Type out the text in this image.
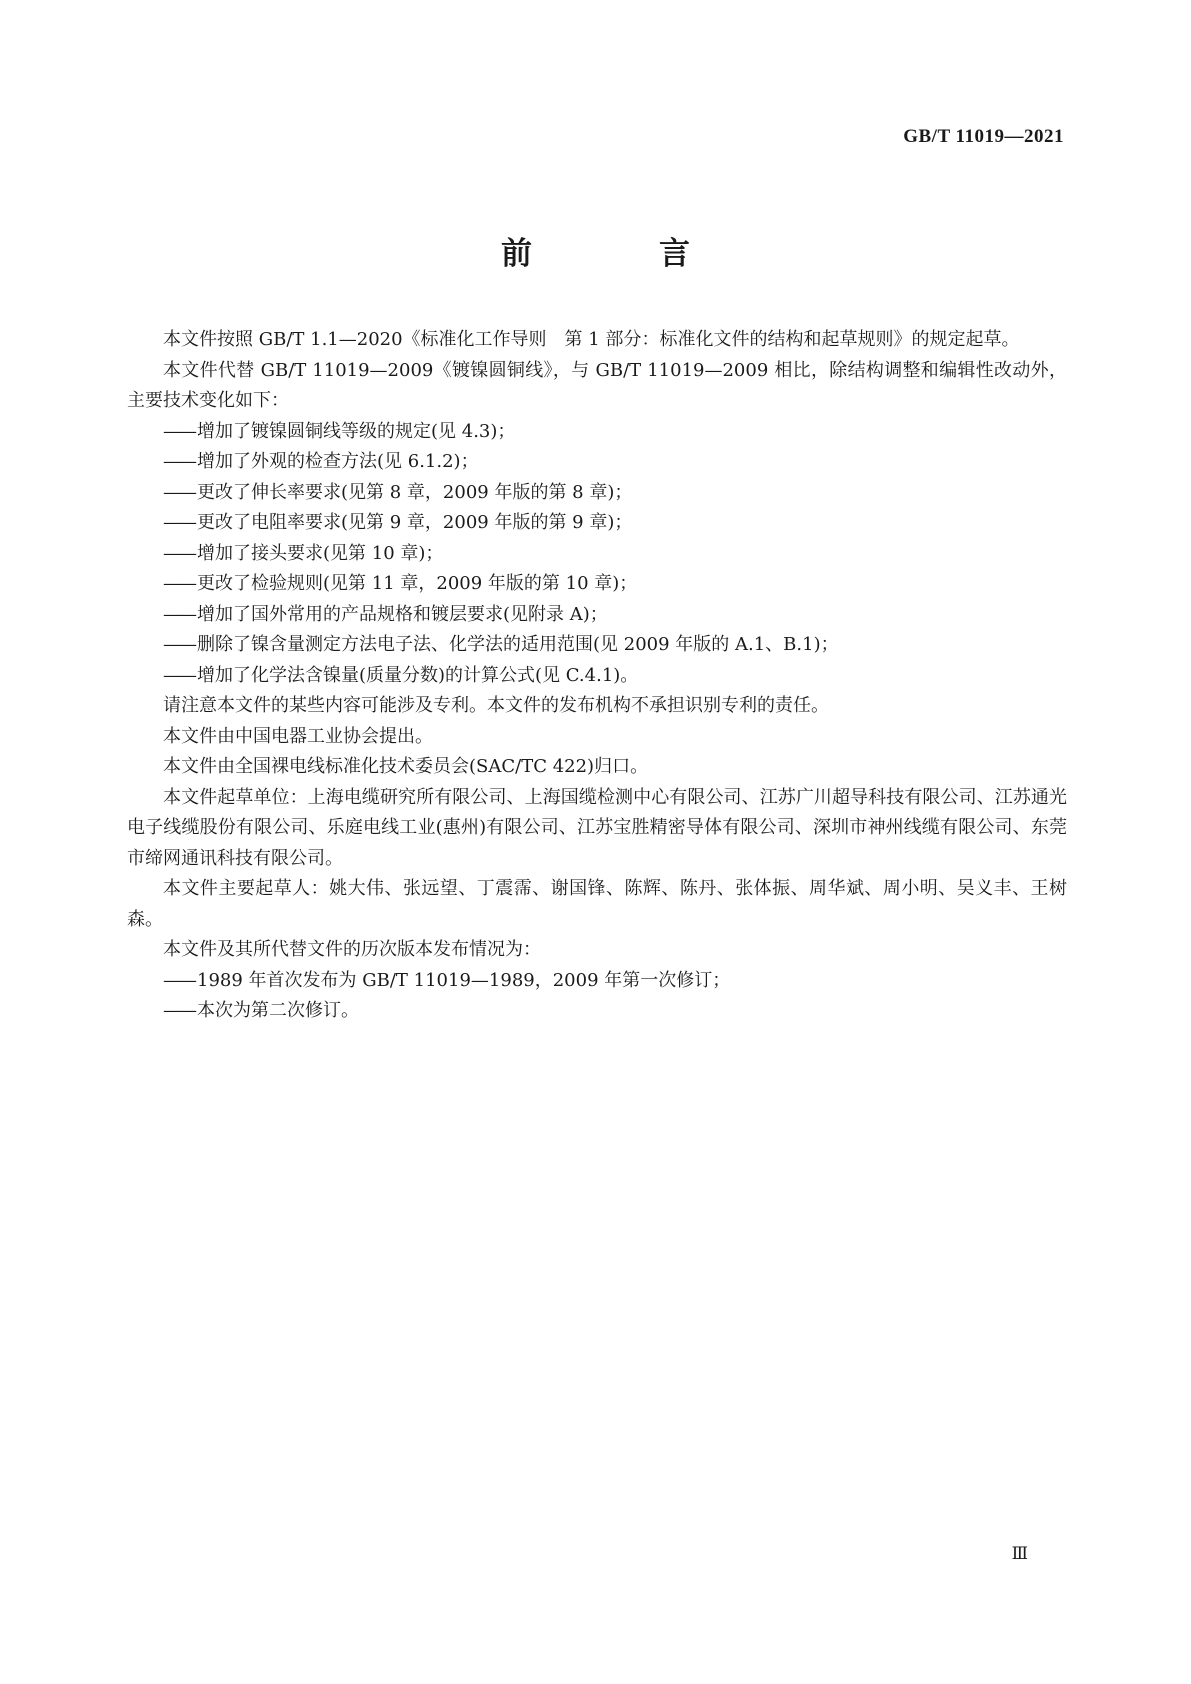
GB/T 11019—2021
前　言

本文件按照 GB/T 1.1—2020《标准化工作导则　第 1 部分：标准化文件的结构和起草规则》的规定起草。

本文件代替 GB/T 11019—2009《镀镍圆铜线》，与 GB/T 11019—2009 相比，除结构调整和编辑性改动外，主要技术变化如下：

—— 增加了镀镍圆铜线等级的规定(见 4.3)；

—— 增加了外观的检查方法(见 6.1.2)；

—— 更改了伸长率要求(见第 8 章，2009 年版的第 8 章)；

—— 更改了电阻率要求(见第 9 章，2009 年版的第 9 章)；

—— 增加了接头要求(见第 10 章)；

—— 更改了检验规则(见第 11 章，2009 年版的第 10 章)；

—— 增加了国外常用的产品规格和镀层要求(见附录 A)；

—— 删除了镍含量测定方法电子法、化学法的适用范围(见 2009 年版的 A.1、B.1)；

—— 增加了化学法含镍量(质量分数)的计算公式(见 C.4.1)。

请注意本文件的某些内容可能涉及专利。本文件的发布机构不承担识别专利的责任。

本文件由中国电器工业协会提出。

本文件由全国裸电线标准化技术委员会(SAC/TC 422)归口。

本文件起草单位：上海电缆研究所有限公司、上海国缆检测中心有限公司、江苏广川超导科技有限公司、江苏通光电子线缆股份有限公司、乐庭电线工业(惠州)有限公司、江苏宝胜精密导体有限公司、深圳市神州线缆有限公司、东莞市缔网通讯科技有限公司。

本文件主要起草人：姚大伟、张远望、丁震霈、谢国锋、陈辉、陈丹、张体振、周华斌、周小明、吴义丰、王树森。

本文件及其所代替文件的历次版本发布情况为：

—— 1989 年首次发布为 GB/T 11019—1989，2009 年第一次修订；

—— 本次为第二次修订。

Ⅲ
